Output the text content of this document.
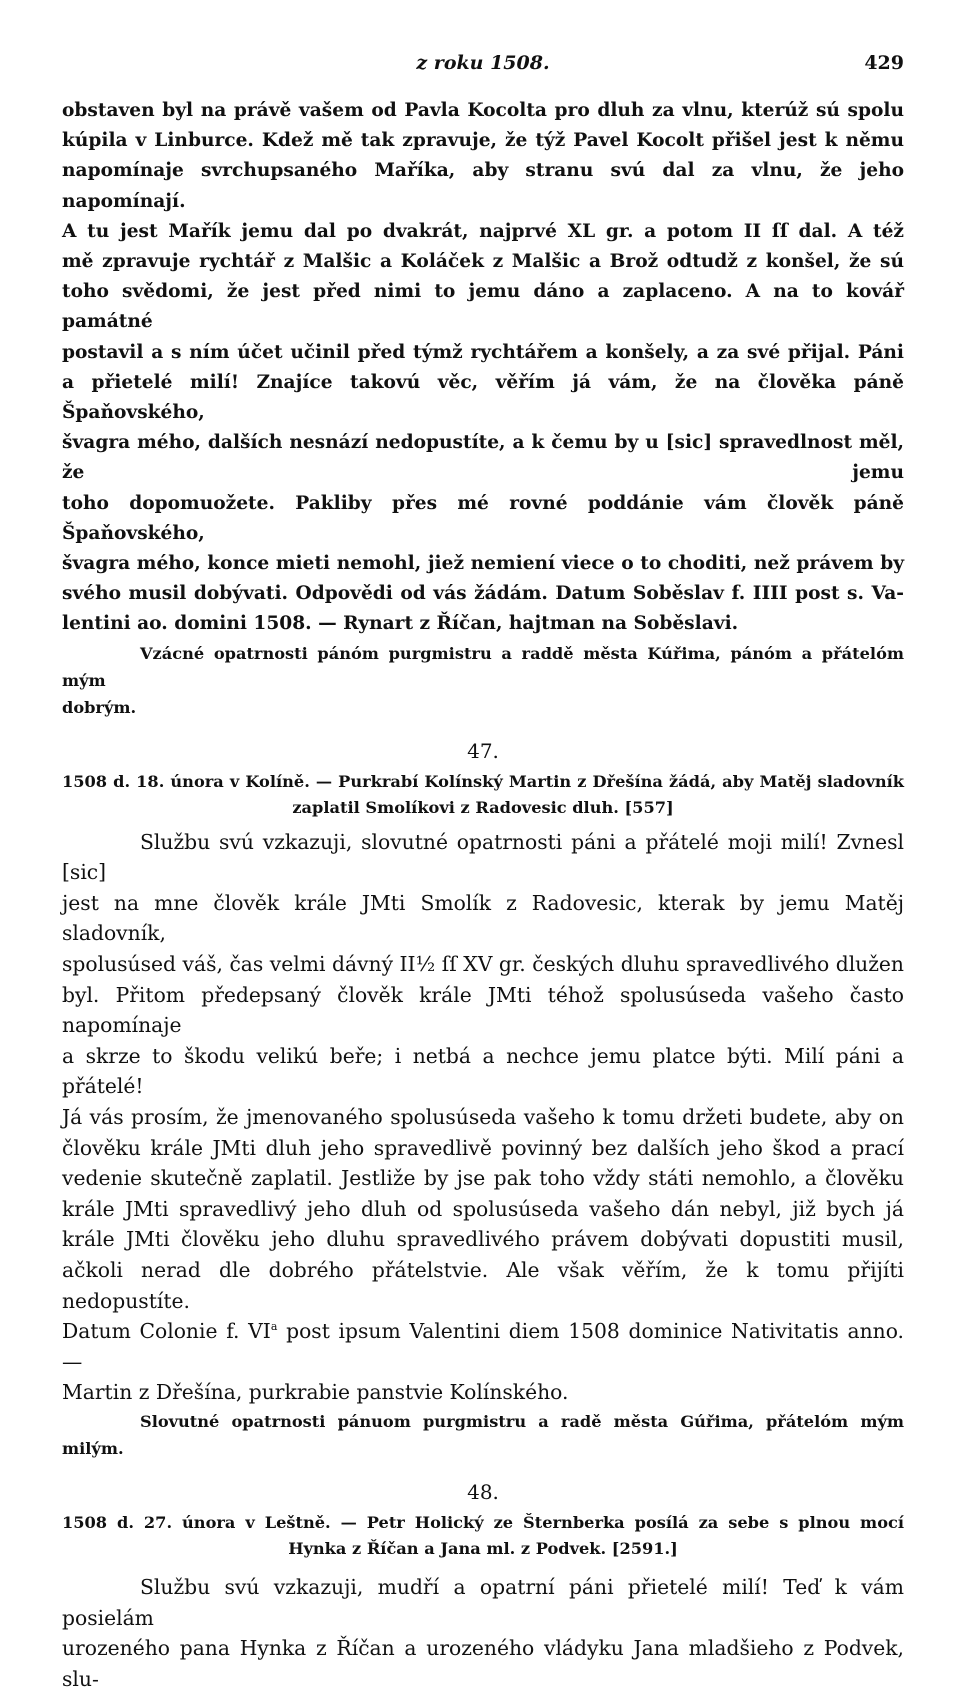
z roku 1508.	429

obstaven byl na právě vašem od Pavla Kocolta pro dluh za vlnu, kterúž sú spolu

kúpila v Linburce. Kdež mě tak zpravuje, že týž Pavel Kocolt přišel jest k němu

napomínaje svrchupsaného Maříka, aby stranu svú dal za vlnu, že jeho napomínají.

A tu jest Mařík jemu dal po dvakrát, najprvé XL gr. a potom II ſſ dal. A též

mě zpravuje rychtář z Malšic a Koláček z Malšic a Brož odtudž z konšel, že sú

toho svědomi, že jest před nimi to jemu dáno a zaplaceno. A na to kovář památné

postavil a s ním účet učinil před týmž rychtářem a konšely, a za své přijal. Páni

a přietelé milí! Znajíce takovú věc, věřím já vám, že na člověka páně Špaňovského,

švagra mého, dalších nesnází nedopustíte, a k čemu by u [sic] spravedlnost měl, že jemu

toho dopomuožete. Pakliby přes mé rovné poddánie vám člověk páně Špaňovského,

švagra mého, konce mieti nemohl, jiež nemiení viece o to choditi, než právem by

svého musil dobývati. Odpovědi od vás žádám. Datum Soběslav f. IIII post s. Va-

lentini ao. domini 1508. — Rynart z Říčan, hajtman na Soběslavi.

Vzácné opatrnosti pánóm purgmistru a raddě města Kúřima, pánóm a přátelóm mým

dobrým.

47.

1508 d. 18. února v Kolíně. — Purkrabí Kolínský Martin z Dřešína žádá, aby Matěj sladovník

zaplatil Smolíkovi z Radovesic dluh. [557]

Službu svú vzkazuji, slovutné opatrnosti páni a přátelé moji milí! Zvnesl [sic]

jest na mne člověk krále JMti Smolík z Radovesic, kterak by jemu Matěj sladovník,

spolusúsed váš, čas velmi dávný II½ ſſ XV gr. českých dluhu spravedlivého dlužen

byl. Přitom předepsaný člověk krále JMti téhož spolusúseda vašeho často napomínaje

a skrze to škodu velikú beře; i netbá a nechce jemu platce býti. Milí páni a přátelé!

Já vás prosím, že jmenovaného spolusúseda vašeho k tomu držeti budete, aby on

člověku krále JMti dluh jeho spravedlivě povinný bez dalších jeho škod a prací

vedenie skutečně zaplatil. Jestliže by jse pak toho vždy státi nemohlo, a člověku

krále JMti spravedlivý jeho dluh od spolusúseda vašeho dán nebyl, již bych já

krále JMti člověku jeho dluhu spravedlivého právem dobývati dopustiti musil,

ačkoli nerad dle dobrého přátelstvie. Ale však věřím, že k tomu přijíti nedopustíte.

Datum Colonie f. $VI^a$ post ipsum Valentini diem 1508 dominice Nativitatis anno. —

Martin z Dřešína, purkrabie panstvie Kolínského.

Slovutné opatrnosti pánuom purgmistru a radě města Gúřima, přátelóm mým milým.

48.

1508 d. 27. února v Leštně. — Petr Holický ze Šternberka posílá za sebe s plnou mocí

Hynka z Říčan a Jana ml. z Podvek. [2591.]

Službu svú vzkazuji, mudří a opatrní páni přietelé milí! Teď k vám posielám

urozeného pana Hynka z Říčan a urozeného vládyku Jana mladšieho z Podvek, slu-
